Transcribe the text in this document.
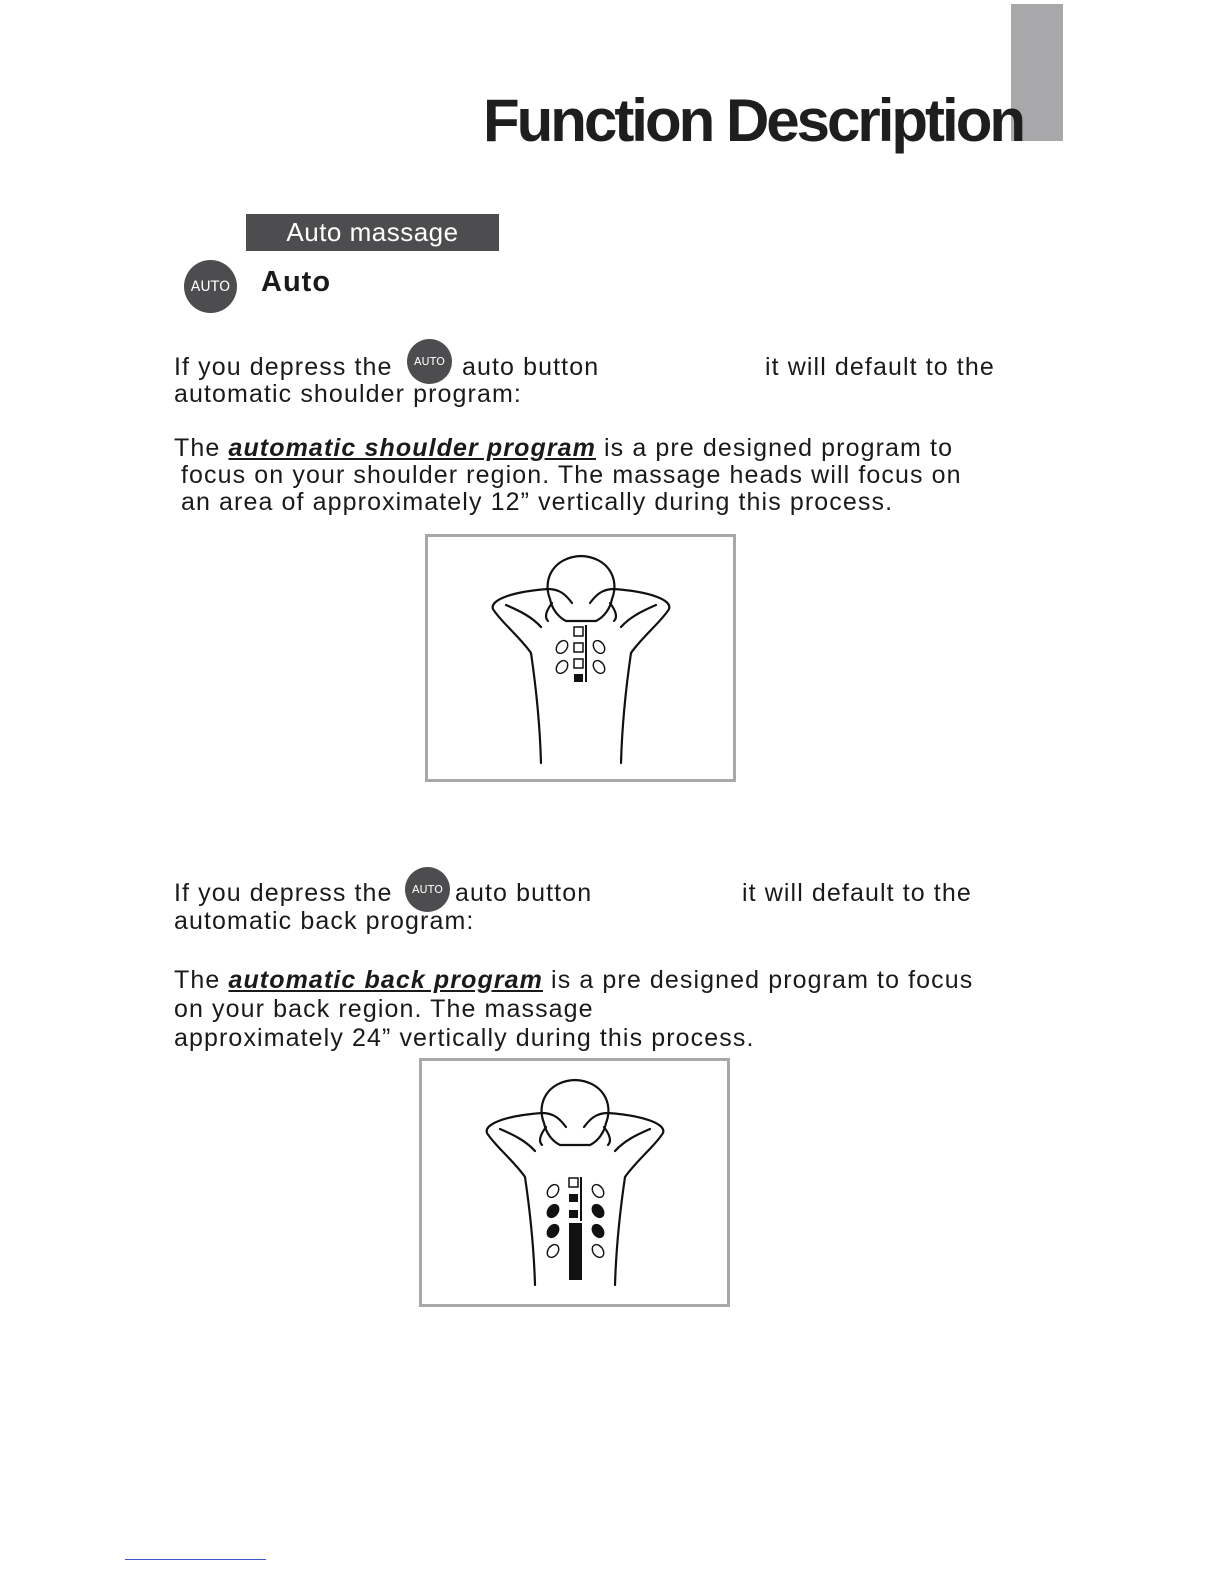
Function Description
Auto massage
AUTO Auto
If you depress the AUTO auto button	it will default to the
automatic shoulder program:
The automatic shoulder program is a pre designed program to
focus on your shoulder region. The massage heads will focus on
an area of approximately 12” vertically during this process.
If you depress the AUTO auto button	it will default to the
automatic back program:
The automatic back program is a pre designed program to focus
on your back region. The massage
approximately 24” vertically during this process.
